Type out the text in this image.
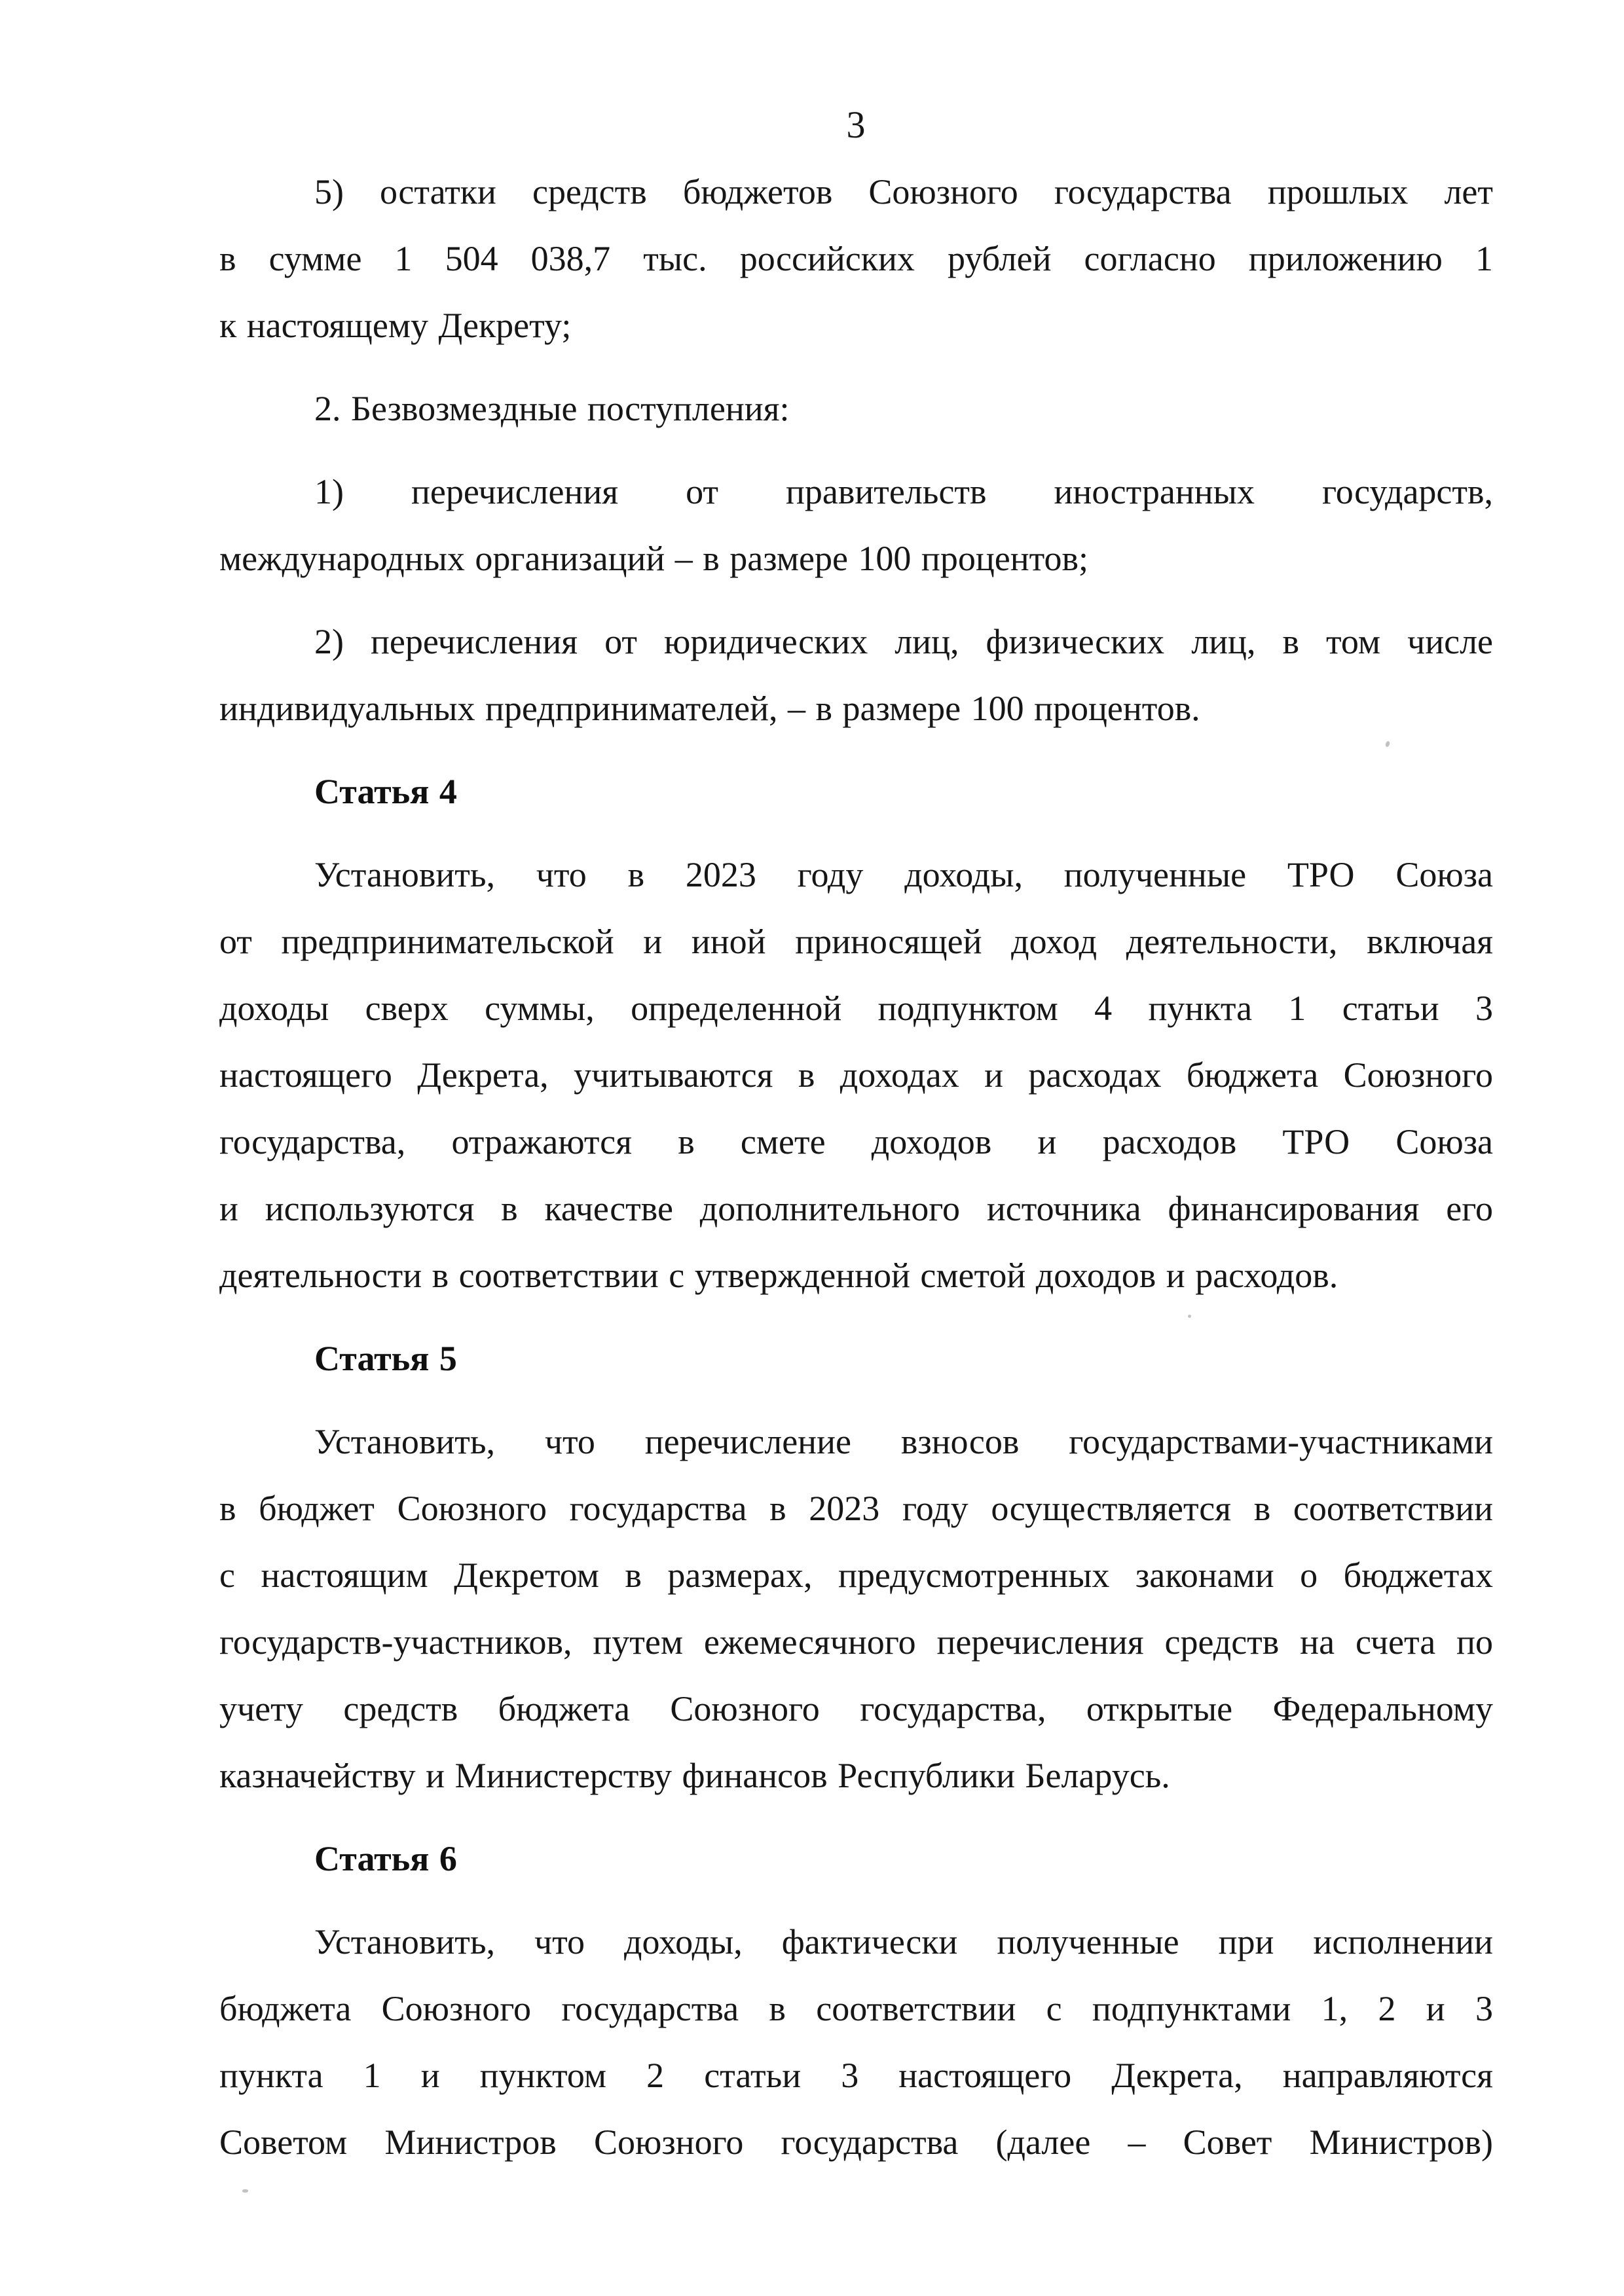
3
5) остатки средств бюджетов Союзного государства прошлых лет
в сумме 1 504 038,7 тыс. российских рублей согласно приложению 1
к настоящему Декрету;
2. Безвозмездные поступления:
1) перечисления от правительств иностранных государств,
международных организаций – в размере 100 процентов;
2) перечисления от юридических лиц, физических лиц, в том числе
индивидуальных предпринимателей, – в размере 100 процентов.
Статья 4
Установить, что в 2023 году доходы, полученные ТРО Союза
от предпринимательской и иной приносящей доход деятельности, включая
доходы сверх суммы, определенной подпунктом 4 пункта 1 статьи 3
настоящего Декрета, учитываются в доходах и расходах бюджета Союзного
государства, отражаются в смете доходов и расходов ТРО Союза
и используются в качестве дополнительного источника финансирования его
деятельности в соответствии с утвержденной сметой доходов и расходов.
Статья 5
Установить, что перечисление взносов государствами-участниками
в бюджет Союзного государства в 2023 году осуществляется в соответствии
с настоящим Декретом в размерах, предусмотренных законами о бюджетах
государств-участников, путем ежемесячного перечисления средств на счета по
учету средств бюджета Союзного государства, открытые Федеральному
казначейству и Министерству финансов Республики Беларусь.
Статья 6
Установить, что доходы, фактически полученные при исполнении
бюджета Союзного государства в соответствии с подпунктами 1, 2 и 3
пункта 1 и пунктом 2 статьи 3 настоящего Декрета, направляются
Советом Министров Союзного государства (далее – Совет Министров)
